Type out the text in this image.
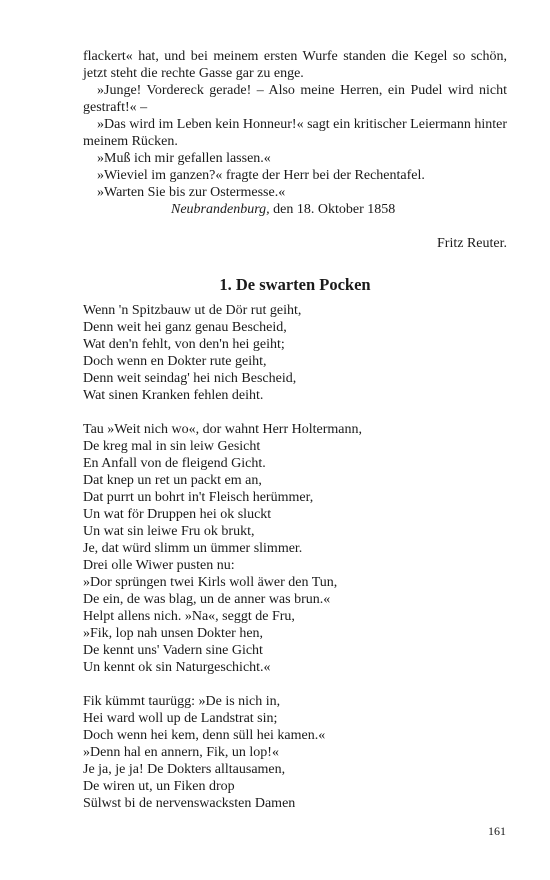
flackert« hat, und bei meinem ersten Wurfe standen die Kegel so schön, jetzt steht die rechte Gasse gar zu enge.

»Junge! Vordereck gerade! – Also meine Herren, ein Pudel wird nicht gestraft!« –

»Das wird im Leben kein Honneur!« sagt ein kritischer Leiermann hinter meinem Rücken.

»Muß ich mir gefallen lassen.«

»Wieviel im ganzen?« fragte der Herr bei der Rechentafel.

»Warten Sie bis zur Ostermesse.«

Neubrandenburg, den 18. Oktober 1858

Fritz Reuter.

1. De swarten Pocken
Wenn 'n Spitzbauw ut de Dör rut geiht,
Denn weit hei ganz genau Bescheid,
Wat den'n fehlt, von den'n hei geiht;
Doch wenn en Dokter rute geiht,
Denn weit seindag' hei nich Bescheid,
Wat sinen Kranken fehlen deiht.
Tau »Weit nich wo«, dor wahnt Herr Holtermann,
De kreg mal in sin leiw Gesicht
En Anfall von de fleigend Gicht.
Dat knep un ret un packt em an,
Dat purrt un bohrt in't Fleisch herümmer,
Un wat för Druppen hei ok sluckt
Un wat sin leiwe Fru ok brukt,
Je, dat würd slimm un ümmer slimmer.
Drei olle Wiwer pusten nu:
»Dor sprüngen twei Kirls woll äwer den Tun,
De ein, de was blag, un de anner was brun.«
Helpt allens nich. »Na«, seggt de Fru,
»Fik, lop nah unsen Dokter hen,
De kennt uns' Vadern sine Gicht
Un kennt ok sin Naturgeschicht.«
Fik kümmt taurügg: »De is nich in,
Hei ward woll up de Landstrat sin;
Doch wenn hei kem, denn süll hei kamen.«
»Denn hal en annern, Fik, un lop!«
Je ja, je ja! De Dokters alltausamen,
De wiren ut, un Fiken drop
Sülwst bi de nervenswacksten Damen
161
